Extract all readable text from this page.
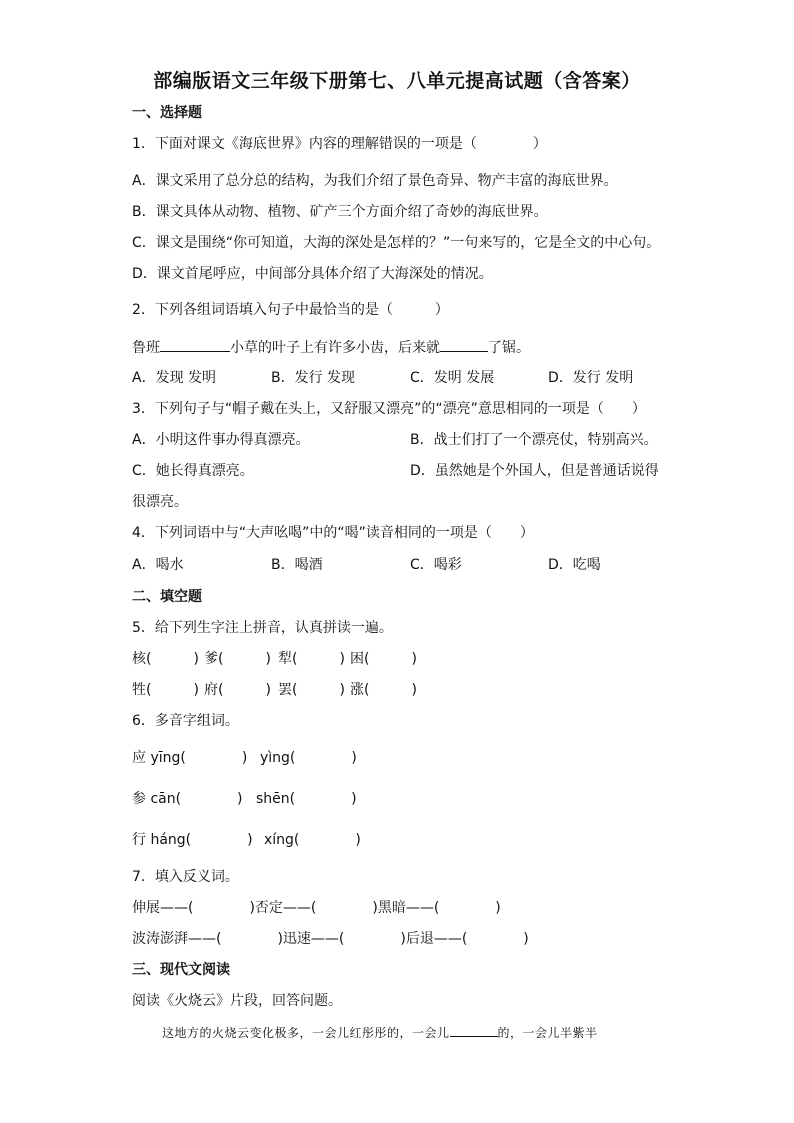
部编版语文三年级下册第七、八单元提高试题（含答案）
一、选择题
1．下面对课文《海底世界》内容的理解错误的一项是（　　　　）
A．课文采用了总分总的结构，为我们介绍了景色奇异、物产丰富的海底世界。
B．课文具体从动物、植物、矿产三个方面介绍了奇妙的海底世界。
C．课文是围绕“你可知道，大海的深处是怎样的？”一句来写的，它是全文的中心句。
D．课文首尾呼应，中间部分具体介绍了大海深处的情况。
2．下列各组词语填入句子中最恰当的是（　　　）
鲁班	小草的叶子上有许多小齿，后来就	了锯。
A．发现 发明	B．发行 发现	C．发明 发展	D．发行 发明
3．下列句子与“帽子戴在头上，又舒服又漂亮”的“漂亮”意思相同的一项是（　　）
A．小明这件事办得真漂亮。	B．战士们打了一个漂亮仗，特别高兴。
C．她长得真漂亮。	D．虽然她是个外国人，但是普通话说得
很漂亮。
4．下列词语中与“大声吆喝”中的“喝”读音相同的一项是（　　）
A．喝水	B．喝酒	C．喝彩	D．吃喝
二、填空题
5．给下列生字注上拼音，认真拼读一遍。
核(　　　) 爹(　　　) 犁(　　　) 困(　　　)
牲(　　　) 府(　　　) 罢(　　　) 涨(　　　)
6．多音字组词。
应 yīng(　　　　) yìng(　　　　)
参 cān(　　　　) shēn(　　　　)
行 háng(　　　　) xíng(　　　　)
7．填入反义词。
伸展——(　　　　)否定——(　　　　)黑暗——(　　　　)
波涛澎湃——(　　　　)迅速——(　　　　)后退——(　　　　)
三、现代文阅读
阅读《火烧云》片段，回答问题。
这地方的火烧云变化极多，一会儿红彤彤的，一会儿	的，一会儿半紫半
